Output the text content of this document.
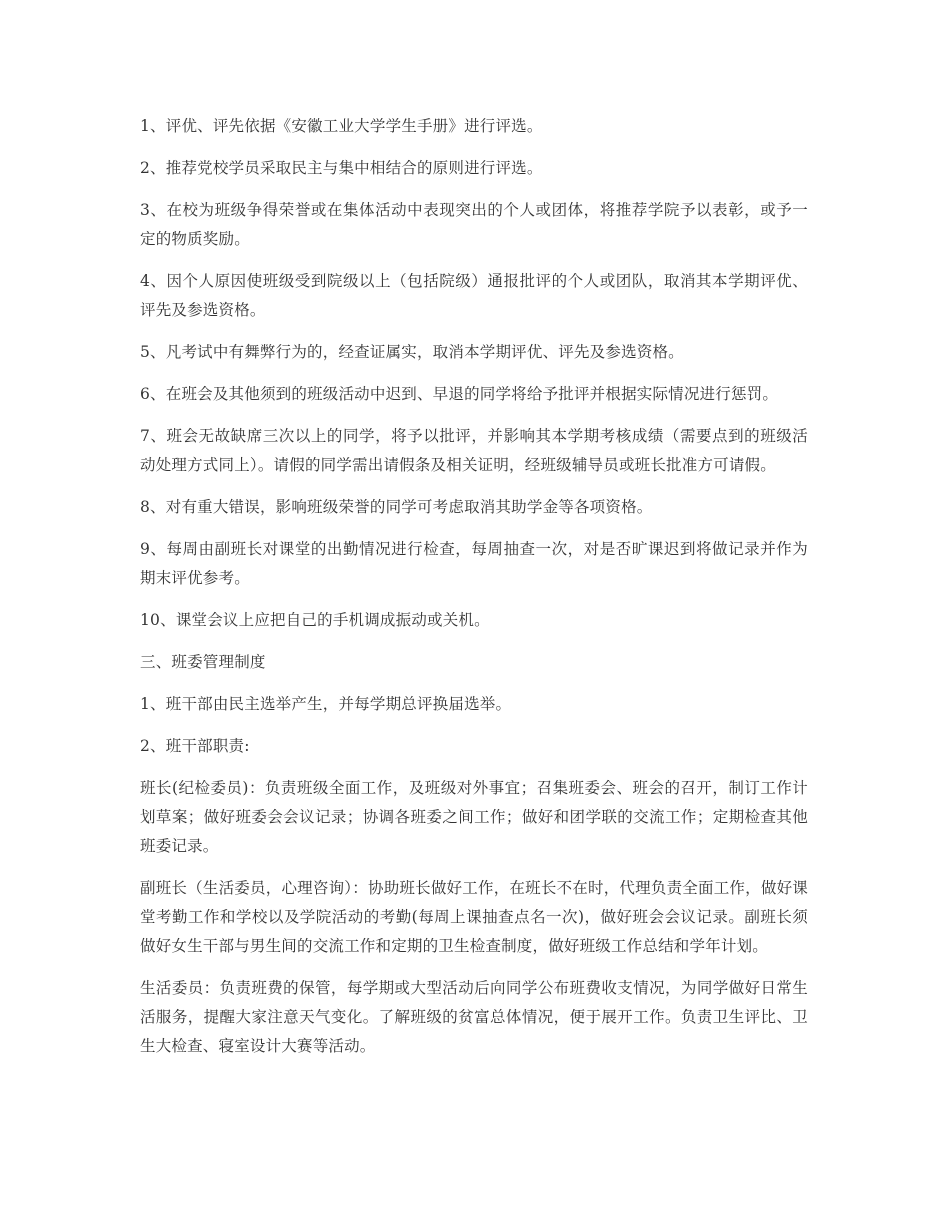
1、评优、评先依据《安徽工业大学学生手册》进行评选。

2、推荐党校学员采取民主与集中相结合的原则进行评选。

3、在校为班级争得荣誉或在集体活动中表现突出的个人或团体，将推荐学院予以表彰，或予一定的物质奖励。

4、因个人原因使班级受到院级以上（包括院级）通报批评的个人或团队，取消其本学期评优、评先及参选资格。

5、凡考试中有舞弊行为的，经查证属实，取消本学期评优、评先及参选资格。

6、在班会及其他须到的班级活动中迟到、早退的同学将给予批评并根据实际情况进行惩罚。

7、班会无故缺席三次以上的同学，将予以批评，并影响其本学期考核成绩（需要点到的班级活动处理方式同上）。请假的同学需出请假条及相关证明，经班级辅导员或班长批准方可请假。

8、对有重大错误，影响班级荣誉的同学可考虑取消其助学金等各项资格。

9、每周由副班长对课堂的出勤情况进行检查，每周抽查一次，对是否旷课迟到将做记录并作为期末评优参考。

10、课堂会议上应把自己的手机调成振动或关机。

三、班委管理制度

1、班干部由民主选举产生，并每学期总评换届选举。

2、班干部职责:

班长(纪检委员)：负责班级全面工作，及班级对外事宜；召集班委会、班会的召开，制订工作计划草案；做好班委会会议记录；协调各班委之间工作；做好和团学联的交流工作；定期检查其他班委记录。

副班长（生活委员，心理咨询）：协助班长做好工作，在班长不在时，代理负责全面工作，做好课堂考勤工作和学校以及学院活动的考勤(每周上课抽查点名一次)，做好班会会议记录。副班长须做好女生干部与男生间的交流工作和定期的卫生检查制度，做好班级工作总结和学年计划。

生活委员：负责班费的保管，每学期或大型活动后向同学公布班费收支情况，为同学做好日常生活服务，提醒大家注意天气变化。了解班级的贫富总体情况，便于展开工作。负责卫生评比、卫生大检查、寝室设计大赛等活动。
